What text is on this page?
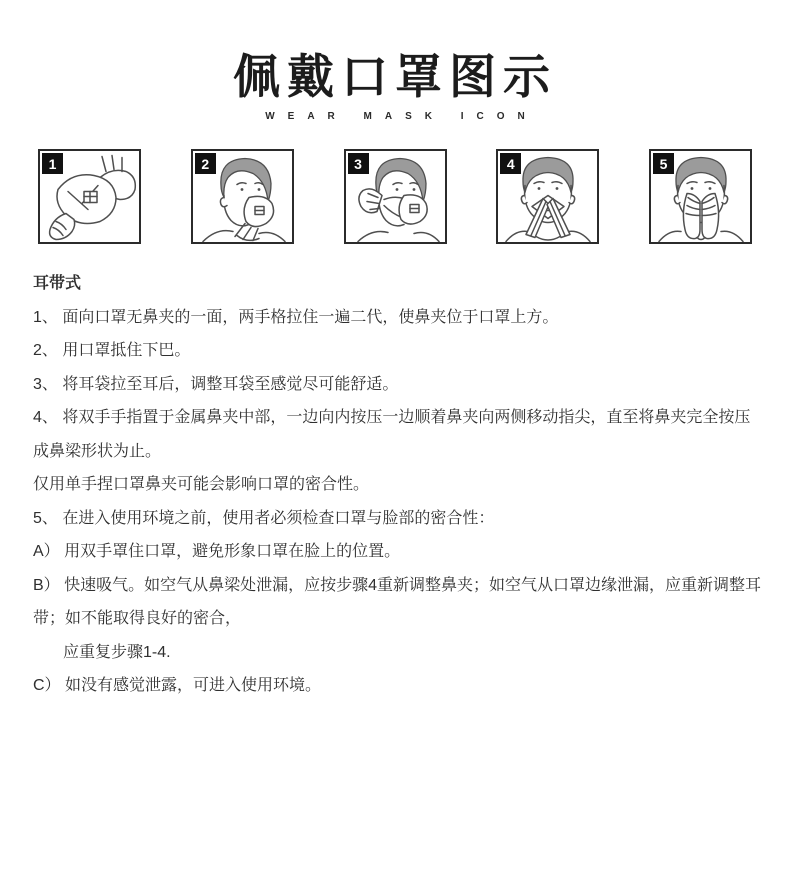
佩戴口罩图示
WEAR MASK ICON
1	2	3	4	5

耳带式

1、 面向口罩无鼻夹的一面，两手格拉住一遍二代，使鼻夹位于口罩上方。

2、 用口罩抵住下巴。

3、 将耳袋拉至耳后，调整耳袋至感觉尽可能舒适。

4、 将双手手指置于金属鼻夹中部，一边向内按压一边顺着鼻夹向两侧移动指尖，直至将鼻夹完全按压成鼻梁形状为止。

仅用单手捏口罩鼻夹可能会影响口罩的密合性。

5、 在进入使用环境之前，使用者必须检查口罩与脸部的密合性：

A） 用双手罩住口罩，避免形象口罩在脸上的位置。

B） 快速吸气。如空气从鼻梁处泄漏，应按步骤4重新调整鼻夹；如空气从口罩边缘泄漏，应重新调整耳带；如不能取得良好的密合，

应重复步骤1-4.

C） 如没有感觉泄露，可进入使用环境。
